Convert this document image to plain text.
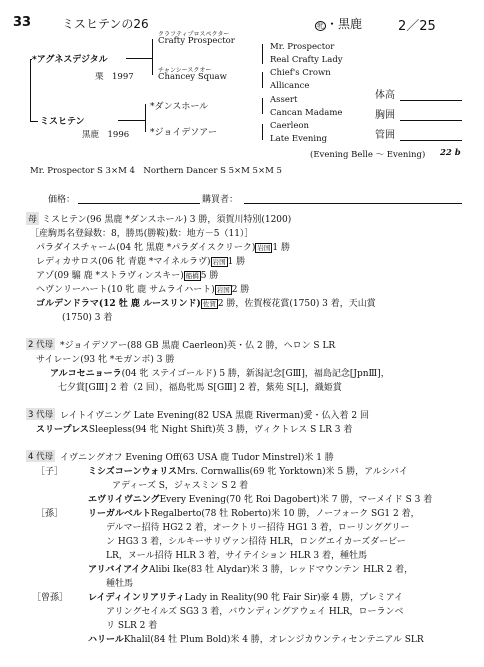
33	ミスヒテンの26	牝 ・黒鹿	2／25
クラフティプロスペクター
Crafty Prospector
*アグネスデジタル
栗　1997
チャンシースクオー
Chancey Squaw
ミスヒテン
黒鹿　1996
*ダンスホール
*ジョイデソアー
Mr. Prospector
Real Crafty Lady
Chief's Crown
Allicance
Assert
Cancan Madame
Caerleon
Late Evening
(Evening Belle ～ Evening) 22 b
体高
胸囲
管囲
Mr. Prospector S 3×M 4　Northern Dancer S 5×M 5×M 5
価格：	購買者：
母 ミスヒテン(96 黒鹿 *ダンスホール) 3 勝，須賀川特別(1200)
［産駒馬名登録数：8，勝馬(勝鞍)数：地方－5（11）］
パラダイスチャーム(04 牝 黒鹿 *パラダイスクリーク) 岩国 1 勝
レディカサロス(06 牝 青鹿 *マイネルラヴ) 岩国 1 勝
アゾ(09 騸 鹿 *ストラヴィンスキー) 船橋 5 勝
ヘヴンリーハート(10 牝 鹿 サムライハート) 岩国 2 勝
ゴルデンドラマ(12 牡 鹿 ルースリンド) 佐賀 2 勝，佐賀桜花賞(1750) 3 着，天山賞
(1750) 3 着
2 代母 *ジョイデソアー(88 GB 黒鹿 Caerleon)英・仏 2 勝，ヘロン S LR
サイレーン(93 牝 *モガンボ) 3 勝
アルコセニョーラ(04 牝 ステイゴールド) 5 勝，新潟記念[GⅢ]，福島記念[JpnⅢ]，
七夕賞[GⅢ] 2 着（2 回），福島牝馬 S[GⅢ] 2 着，紫苑 S[L]，織姫賞
3 代母 レイトイヴニング Late Evening(82 USA 黒鹿 Riverman)愛・仏入着 2 回
スリープレスSleepless(94 牝 Night Shift)英 3 勝，ヴィクトレス S LR 3 着
4 代母 イヴニングオフ Evening Off(63 USA 鹿 Tudor Minstrel)米 1 勝
［子］
［孫］
［曾孫］
ミシズコーンウォリスMrs. Cornwallis(69 牝 Yorktown)米 5 勝，アルシバイ
アディーズ S，ジャスミン S 2 着
エヴリイヴニングEvery Evening(70 牝 Roi Dagobert)米 7 勝，マーメイド S 3 着
リーガルベルトRegalberto(78 牡 Roberto)米 10 勝，ノーフォーク SG1 2 着，
デルマー招待 HG2 2 着，オークトリー招待 HG1 3 着，ローリンググリー
ン HG3 3 着，シルキーサリヴァン招待 HLR，ロングエイカーズダービー
LR，ヌール招待 HLR 3 着，サイテイション HLR 3 着，種牡馬
アリバイアイクAlibi Ike(83 牡 Alydar)米 3 勝，レッドマウンテン HLR 2 着，
種牡馬
レイディインリアリティLady in Reality(90 牝 Fair Sir)豪 4 勝，プレミアイ
アリングセイルズ SG3 3 着，バウンディングアウェイ HLR，ローランベ
リ SLR 2 着
ハリールKhalil(84 牡 Plum Bold)米 4 勝，オレンジカウンティセンテニアル SLR
